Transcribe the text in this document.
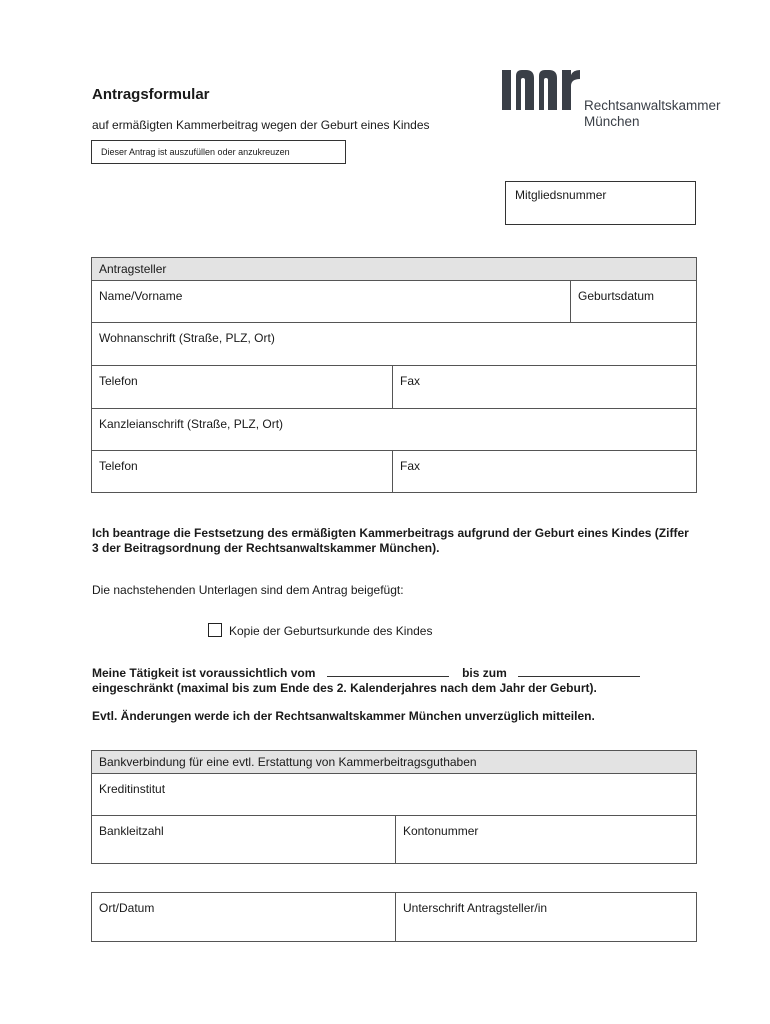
Antragsformular
auf ermäßigten Kammerbeitrag wegen der Geburt eines Kindes
Dieser Antrag ist auszufüllen oder anzukreuzen
Rechtsanwaltskammer
München
Mitgliedsnummer
Antragsteller
Name/Vorname	Geburtsdatum
Wohnanschrift (Straße, PLZ, Ort)
Telefon	Fax
Kanzleianschrift (Straße, PLZ, Ort)
Telefon	Fax
Ich beantrage die Festsetzung des ermäßigten Kammerbeitrags aufgrund der Geburt eines Kindes (Ziffer 3 der Beitragsordnung der Rechtsanwaltskammer München).
Die nachstehenden Unterlagen sind dem Antrag beigefügt:
Kopie der Geburtsurkunde des Kindes
Meine Tätigkeit ist voraussichtlich vom	bis zum
eingeschränkt (maximal bis zum Ende des 2. Kalenderjahres nach dem Jahr der Geburt).
Evtl. Änderungen werde ich der Rechtsanwaltskammer München unverzüglich mitteilen.
Bankverbindung für eine evtl. Erstattung von Kammerbeitragsguthaben
Kreditinstitut
Bankleitzahl	Kontonummer
Ort/Datum	Unterschrift Antragsteller/in
